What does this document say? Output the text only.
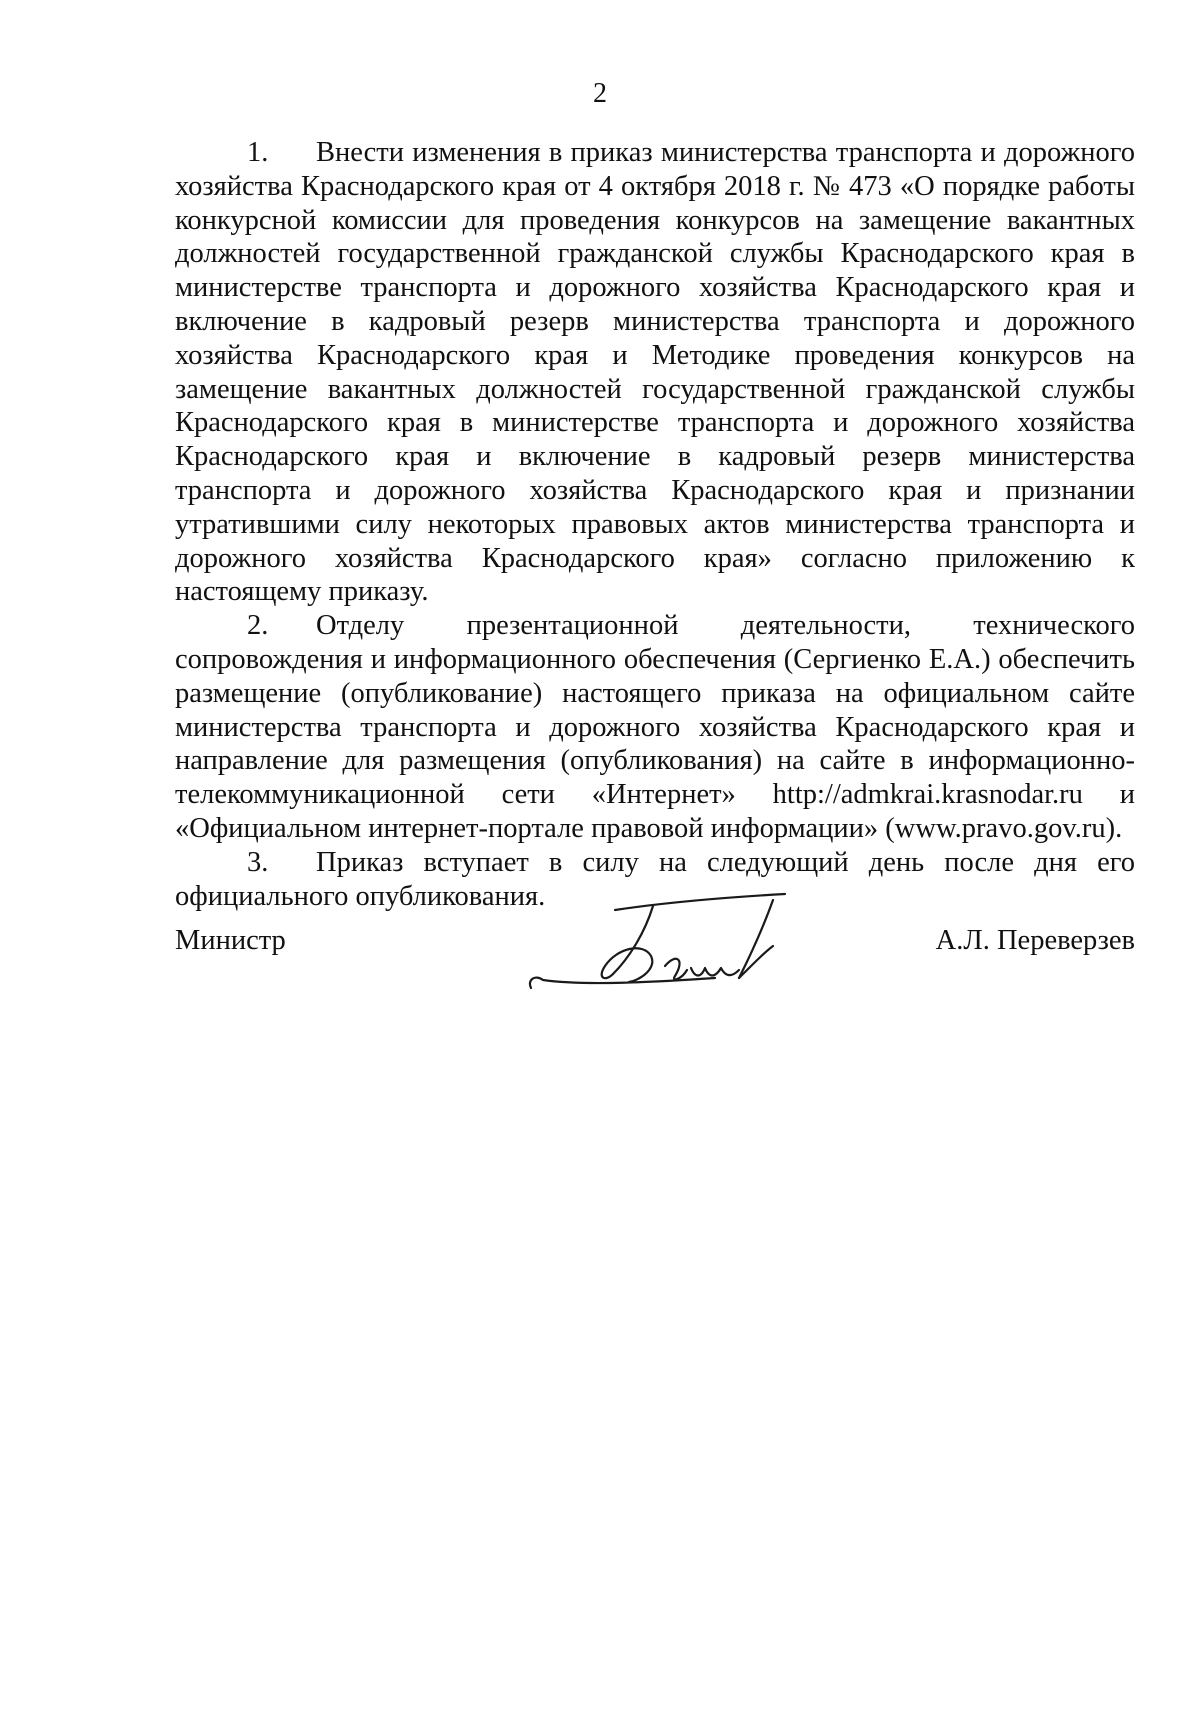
2

1. Внести изменения в приказ министерства транспорта и дорожного хозяйства Краснодарского края от 4 октября 2018 г. № 473 «О порядке работы конкурсной комиссии для проведения конкурсов на замещение вакантных должностей государственной гражданской службы Краснодарского края в министерстве транспорта и дорожного хозяйства Краснодарского края и включение в кадровый резерв министерства транспорта и дорожного хозяйства Краснодарского края и Методике проведения конкурсов на замещение вакантных должностей государственной гражданской службы Краснодарского края в министерстве транспорта и дорожного хозяйства Краснодарского края и включение в кадровый резерв министерства транспорта и дорожного хозяйства Краснодарского края и признании утратившими силу некоторых правовых актов министерства транспорта и дорожного хозяйства Краснодарского края» согласно приложению к настоящему приказу.

2. Отделу презентационной деятельности, технического сопровождения и информационного обеспечения (Сергиенко Е.А.) обеспечить размещение (опубликование) настоящего приказа на официальном сайте министерства транспорта и дорожного хозяйства Краснодарского края и направление для размещения (опубликования) на сайте в информационно-телекоммуникационной сети «Интернет» http://admkrai.krasnodar.ru и «Официальном интернет-портале правовой информации» (www.pravo.gov.ru).

3. Приказ вступает в силу на следующий день после дня его официального опубликования.

Министр	А.Л. Переверзев
